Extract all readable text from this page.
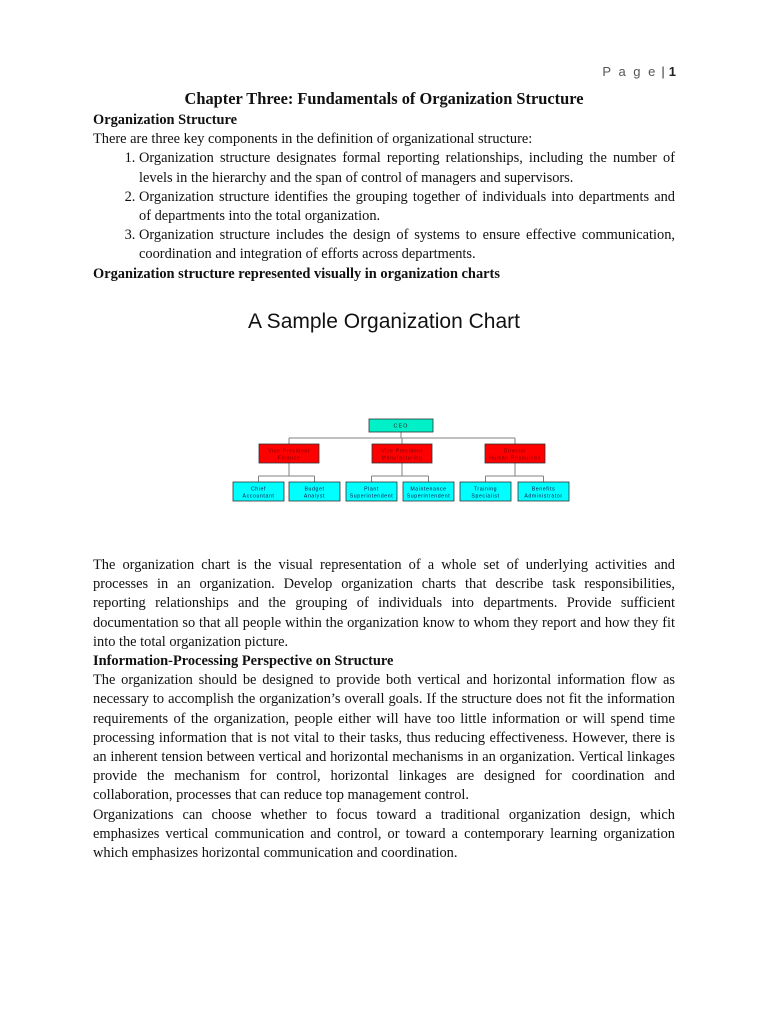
P a g e | 1
Chapter Three: Fundamentals of Organization Structure
Organization Structure

There are three key components in the definition of organizational structure:

1. Organization structure designates formal reporting relationships, including the number of levels in the hierarchy and the span of control of managers and supervisors.
2. Organization structure identifies the grouping together of individuals into departments and of departments into the total organization.
3. Organization structure includes the design of systems to ensure effective communication, coordination and integration of efforts across departments.
Organization structure represented visually in organization charts
A Sample Organization Chart
CEO
Vice President
Finance
Chief
Accountant
Budget
Analyst
Vice President
Manufacturing
Plant
Superintendent
Maintenance
Superintendent
Director
Human Resources
Training
Specialist
Benefits
Administrator

The organization chart is the visual representation of a whole set of underlying activities and processes in an organization. Develop organization charts that describe task responsibilities, reporting relationships and the grouping of individuals into departments. Provide sufficient documentation so that all people within the organization know to whom they report and how they fit into the total organization picture.

Information-Processing Perspective on Structure

The organization should be designed to provide both vertical and horizontal information flow as necessary to accomplish the organization’s overall goals. If the structure does not fit the information requirements of the organization, people either will have too little information or will spend time processing information that is not vital to their tasks, thus reducing effectiveness. However, there is an inherent tension between vertical and horizontal mechanisms in an organization. Vertical linkages provide the mechanism for control, horizontal linkages are designed for coordination and collaboration, processes that can reduce top management control.

Organizations can choose whether to focus toward a traditional organization design, which emphasizes vertical communication and control, or toward a contemporary learning organization which emphasizes horizontal communication and coordination.
